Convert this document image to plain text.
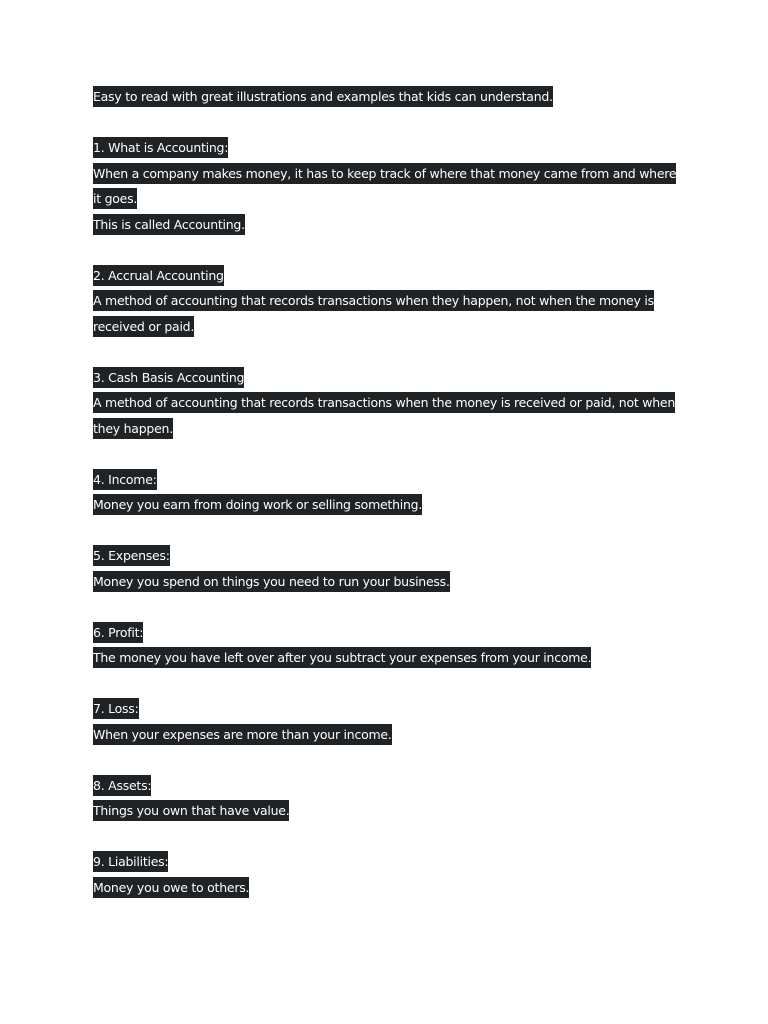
Easy to read with great illustrations and examples that kids can understand.
1. What is Accounting:
When a company makes money, it has to keep track of where that money came from and where
it goes.
This is called Accounting.
2. Accrual Accounting
A method of accounting that records transactions when they happen, not when the money is
received or paid.
3. Cash Basis Accounting
A method of accounting that records transactions when the money is received or paid, not when
they happen.
4. Income:
Money you earn from doing work or selling something.
5. Expenses:
Money you spend on things you need to run your business.
6. Profit:
The money you have left over after you subtract your expenses from your income.
7. Loss:
When your expenses are more than your income.
8. Assets:
Things you own that have value.
9. Liabilities:
Money you owe to others.
